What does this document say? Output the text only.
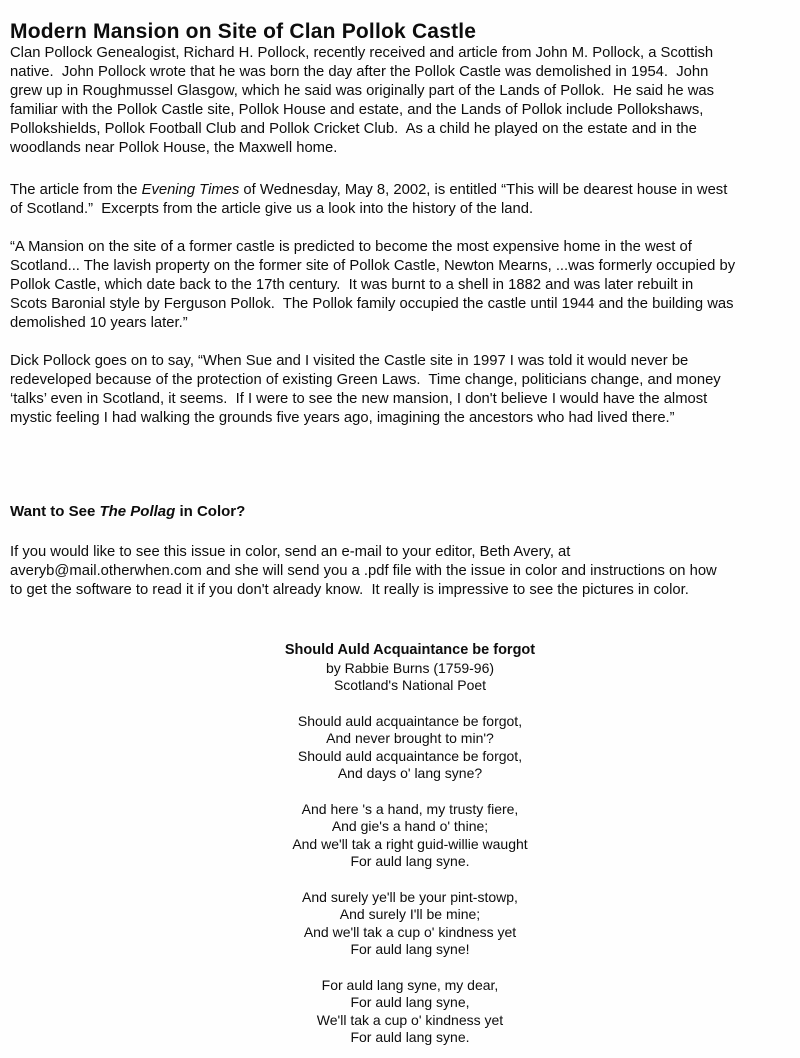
Modern Mansion on Site of Clan Pollok Castle
Clan Pollock Genealogist, Richard H. Pollock, recently received and article from John M. Pollock, a Scottish
native.  John Pollock wrote that he was born the day after the Pollok Castle was demolished in 1954.  John
grew up in Roughmussel Glasgow, which he said was originally part of the Lands of Pollok.  He said he was
familiar with the Pollok Castle site, Pollok House and estate, and the Lands of Pollok include Pollokshaws,
Pollokshields, Pollok Football Club and Pollok Cricket Club.  As a child he played on the estate and in the
woodlands near Pollok House, the Maxwell home.
The article from the Evening Times of Wednesday, May 8, 2002, is entitled “This will be dearest house in west
of Scotland.”  Excerpts from the article give us a look into the history of the land.
“A Mansion on the site of a former castle is predicted to become the most expensive home in the west of
Scotland... The lavish property on the former site of Pollok Castle, Newton Mearns, ...was formerly occupied by
Pollok Castle, which date back to the 17th century.  It was burnt to a shell in 1882 and was later rebuilt in
Scots Baronial style by Ferguson Pollok.  The Pollok family occupied the castle until 1944 and the building was
demolished 10 years later.”
Dick Pollock goes on to say, “When Sue and I visited the Castle site in 1997 I was told it would never be
redeveloped because of the protection of existing Green Laws.  Time change, politicians change, and money
‘talks’ even in Scotland, it seems.  If I were to see the new mansion, I don't believe I would have the almost
mystic feeling I had walking the grounds five years ago, imagining the ancestors who had lived there.”
Want to See The Pollag in Color?
If you would like to see this issue in color, send an e-mail to your editor, Beth Avery, at
averyb@mail.otherwhen.com and she will send you a .pdf file with the issue in color and instructions on how
to get the software to read it if you don't already know.  It really is impressive to see the pictures in color.
Should Auld Acquaintance be forgot
by Rabbie Burns (1759-96)
Scotland's National Poet
Should auld acquaintance be forgot,
And never brought to min'?
Should auld acquaintance be forgot,
And days o' lang syne?
And here 's a hand, my trusty fiere,
And gie's a hand o' thine;
And we'll tak a right guid-willie waught
For auld lang syne.
And surely ye'll be your pint-stowp,
And surely I'll be mine;
And we'll tak a cup o' kindness yet
For auld lang syne!
For auld lang syne, my dear,
For auld lang syne,
We'll tak a cup o' kindness yet
For auld lang syne.
